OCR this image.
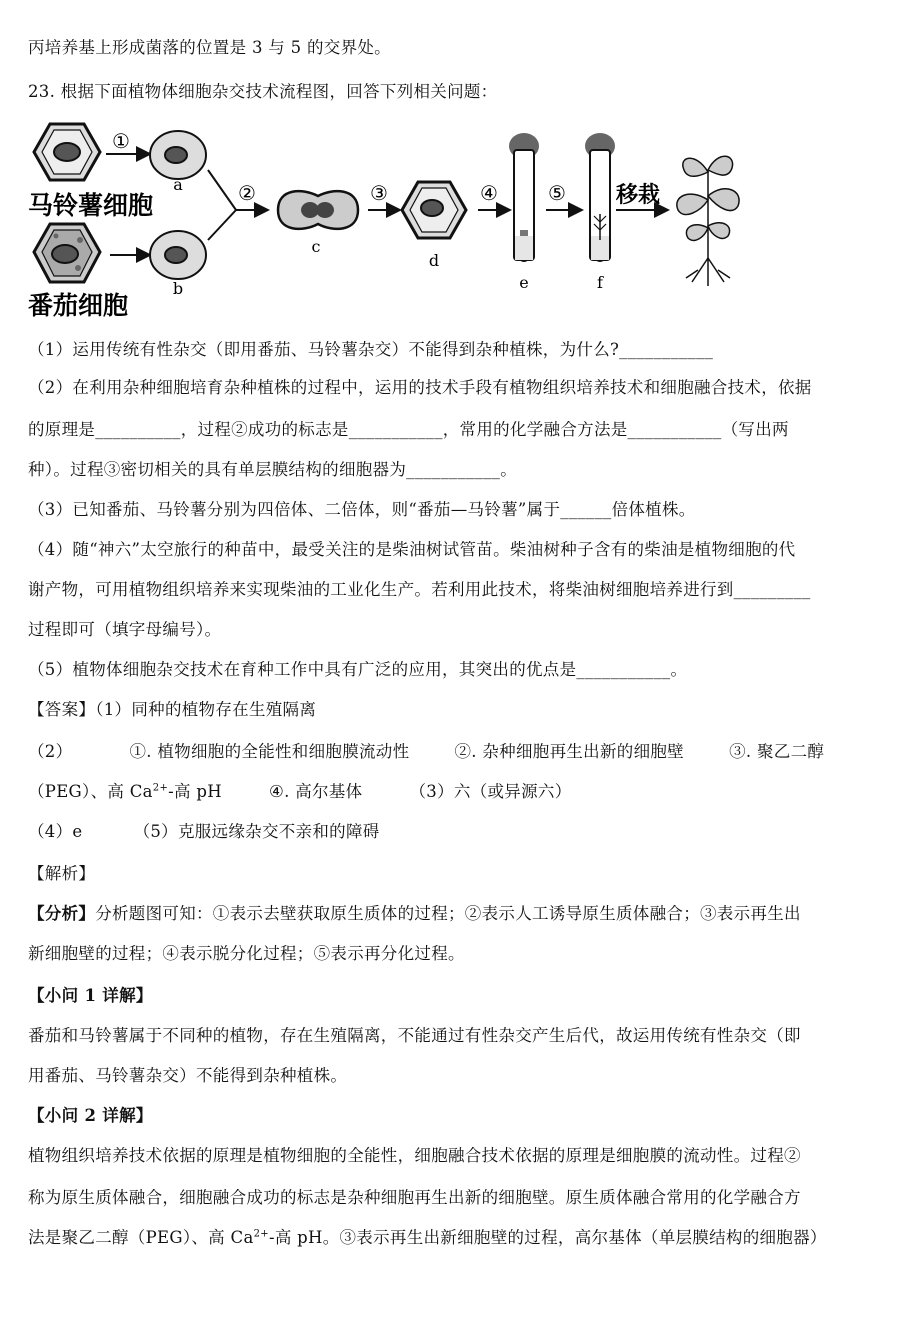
丙培养基上形成菌落的位置是 3 与 5 的交界处。
23. 根据下面植物体细胞杂交技术流程图，回答下列相关问题：
①
a
马铃薯细胞
b
番茄细胞
②
c
③
d
④
e
⑤
f
移栽
（1）运用传统有性杂交（即用番茄、马铃薯杂交）不能得到杂种植株，为什么?___________
（2）在利用杂种细胞培育杂种植株的过程中，运用的技术手段有植物组织培养技术和细胞融合技术，依据
的原理是__________，过程②成功的标志是___________，常用的化学融合方法是___________（写出两
种）。过程③密切相关的具有单层膜结构的细胞器为___________。
（3）已知番茄、马铃薯分别为四倍体、二倍体，则“番茄—马铃薯”属于______倍体植株。
（4）随“神六”太空旅行的种苗中，最受关注的是柴油树试管苗。柴油树种子含有的柴油是植物细胞的代
谢产物，可用植物组织培养来实现柴油的工业化生产。若利用此技术，将柴油树细胞培养进行到_________
过程即可（填字母编号）。
（5）植物体细胞杂交技术在育种工作中具有广泛的应用，其突出的优点是___________。
【答案】（1）同种的植物存在生殖隔离
（2）	①. 植物细胞的全能性和细胞膜流动性	②. 杂种细胞再生出新的细胞壁	③. 聚乙二醇
（PEG）、高 $Ca^{2+}-$高 pH	④. 高尔基体	（3）六（或异源六）
（4）e	（5）克服远缘杂交不亲和的障碍
【解析】
【分析】分析题图可知：①表示去壁获取原生质体的过程；②表示人工诱导原生质体融合；③表示再生出
新细胞壁的过程；④表示脱分化过程；⑤表示再分化过程。
【小问 1 详解】
番茄和马铃薯属于不同种的植物，存在生殖隔离，不能通过有性杂交产生后代，故运用传统有性杂交（即
用番茄、马铃薯杂交）不能得到杂种植株。
【小问 2 详解】
植物组织培养技术依据的原理是植物细胞的全能性，细胞融合技术依据的原理是细胞膜的流动性。过程②
称为原生质体融合，细胞融合成功的标志是杂种细胞再生出新的细胞壁。原生质体融合常用的化学融合方
法是聚乙二醇（PEG）、高 $Ca^{2+}-$高 pH。③表示再生出新细胞壁的过程，高尔基体（单层膜结构的细胞器）
